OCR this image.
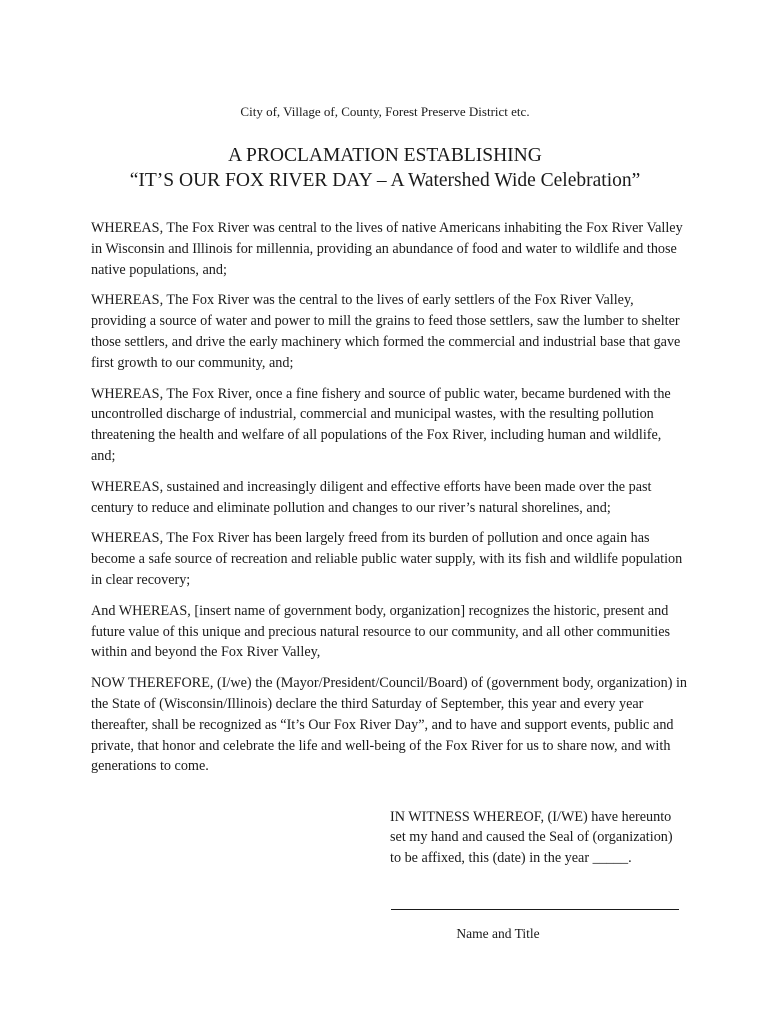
City of, Village of, County, Forest Preserve District etc.
A PROCLAMATION ESTABLISHING
“IT’S OUR FOX RIVER DAY – A Watershed Wide Celebration”

WHEREAS, The Fox River was central to the lives of native Americans inhabiting the Fox River Valley in Wisconsin and Illinois for millennia, providing an abundance of food and water to wildlife and those native populations, and;

WHEREAS, The Fox River was the central to the lives of early settlers of the Fox River Valley, providing a source of water and power to mill the grains to feed those settlers, saw the lumber to shelter those settlers, and drive the early machinery which formed the commercial and industrial base that gave first growth to our community, and;

WHEREAS, The Fox River, once a fine fishery and source of public water, became burdened with the uncontrolled discharge of industrial, commercial and municipal wastes, with the resulting pollution threatening the health and welfare of all populations of the Fox River, including human and wildlife, and;

WHEREAS, sustained and increasingly diligent and effective efforts have been made over the past century to reduce and eliminate pollution and changes to our river’s natural shorelines, and;

WHEREAS, The Fox River has been largely freed from its burden of pollution and once again has become a safe source of recreation and reliable public water supply, with its fish and wildlife population in clear recovery;

And WHEREAS, [insert name of government body, organization] recognizes the historic, present and future value of this unique and precious natural resource to our community, and all other communities within and beyond the Fox River Valley,

NOW THEREFORE, (I/we) the (Mayor/President/Council/Board) of (government body, organization) in the State of (Wisconsin/Illinois) declare the third Saturday of September, this year and every year thereafter, shall be recognized as “It’s Our Fox River Day”, and to have and support events, public and private, that honor and celebrate the life and well-being of the Fox River for us to share now, and with generations to come.

IN WITNESS WHEREOF, (I/WE) have hereunto set my hand and caused the Seal of (organization) to be affixed, this (date) in the year _____.
Name and Title
